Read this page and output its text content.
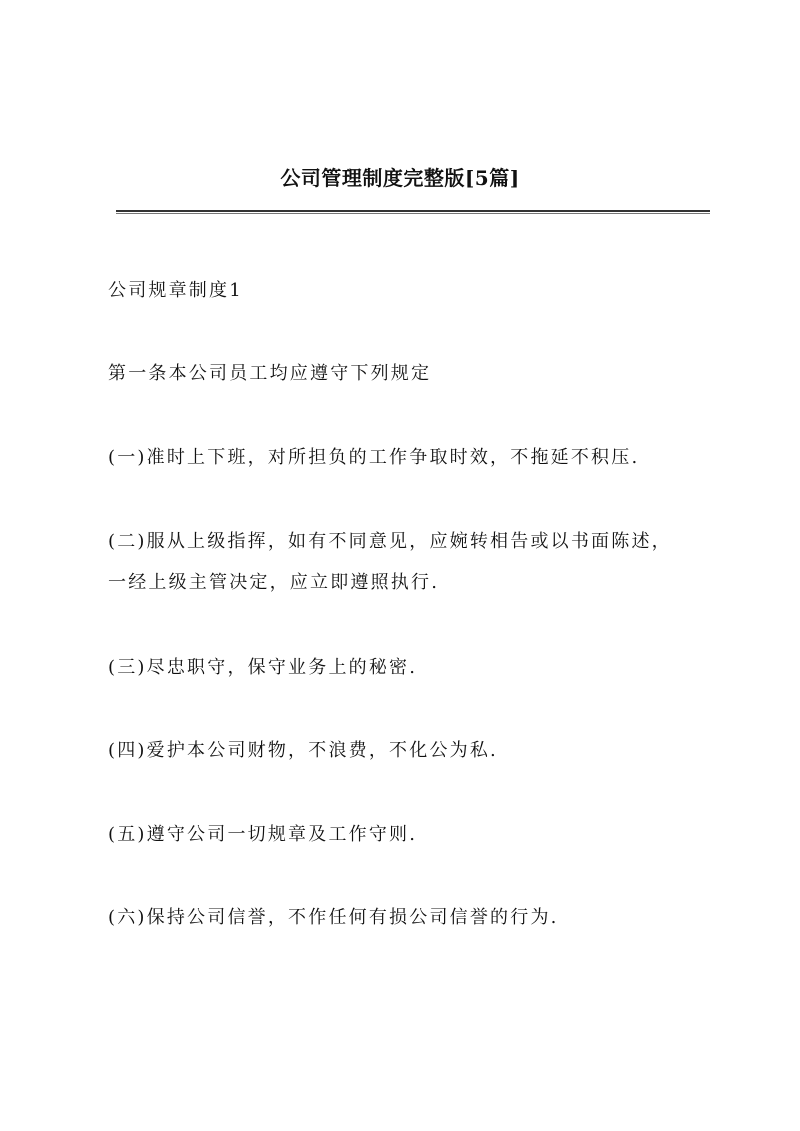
公司管理制度完整版[5篇]
公司规章制度1
第一条本公司员工均应遵守下列规定
(一)准时上下班，对所担负的工作争取时效，不拖延不积压.
(二)服从上级指挥，如有不同意见，应婉转相告或以书面陈述，
一经上级主管决定，应立即遵照执行.
(三)尽忠职守，保守业务上的秘密.
(四)爱护本公司财物，不浪费，不化公为私.
(五)遵守公司一切规章及工作守则.
(六)保持公司信誉，不作任何有损公司信誉的行为.
